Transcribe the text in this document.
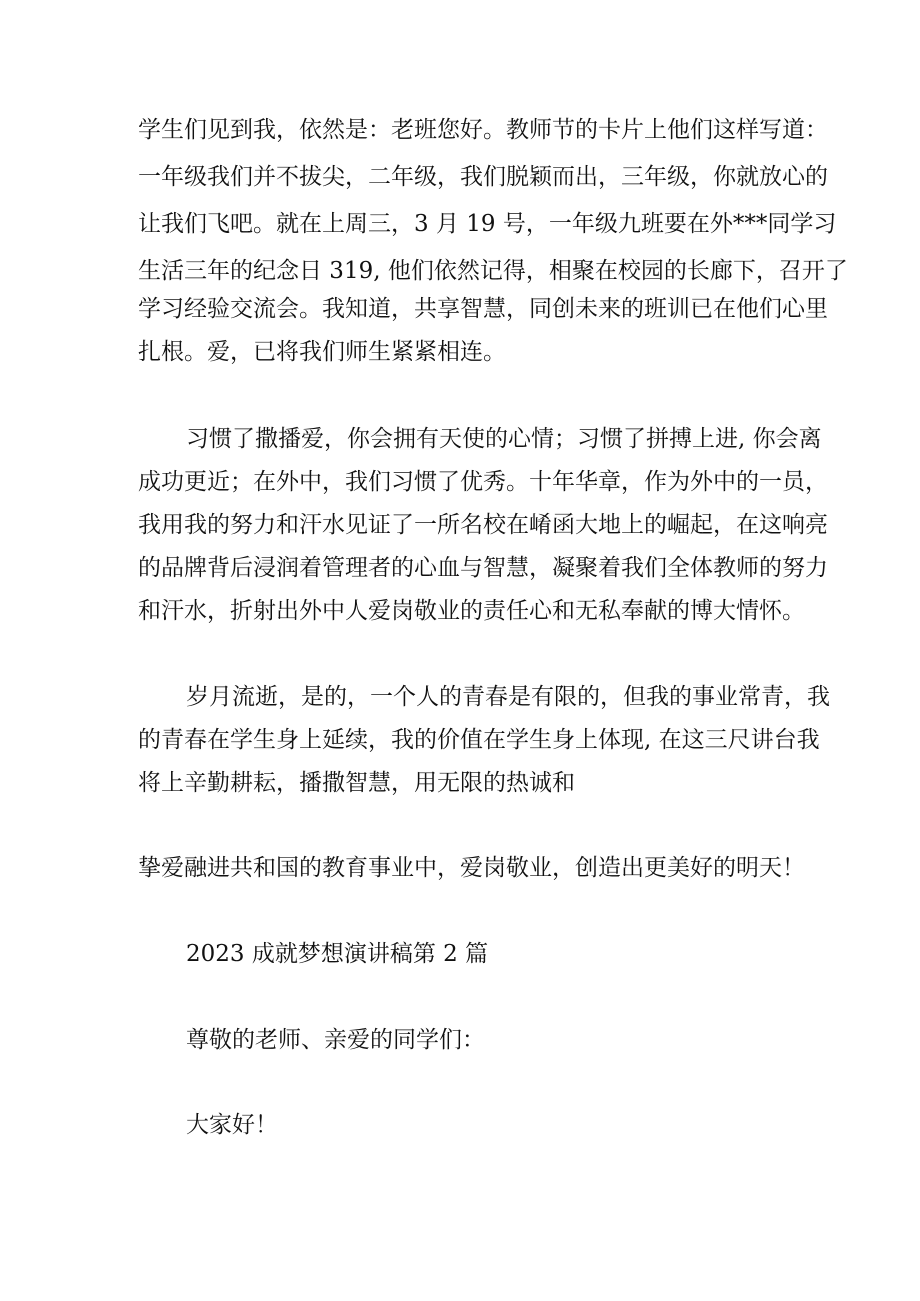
学生们见到我，依然是：老班您好。教师节的卡片上他们这样写道：
一年级我们并不拔尖，二年级，我们脱颖而出，三年级，你就放心的
让我们飞吧。就在上周三，3 月 19 号，一年级九班要在外***同学习
生活三年的纪念日 319, 他们依然记得，相聚在校园的长廊下，召开了
学习经验交流会。我知道，共享智慧，同创未来的班训已在他们心里
扎根。爱，已将我们师生紧紧相连。
习惯了撒播爱，你会拥有天使的心情；习惯了拼搏上进, 你会离
成功更近；在外中，我们习惯了优秀。十年华章，作为外中的一员，
我用我的努力和汗水见证了一所名校在崤函大地上的崛起，在这响亮
的品牌背后浸润着管理者的心血与智慧，凝聚着我们全体教师的努力
和汗水，折射出外中人爱岗敬业的责任心和无私奉献的博大情怀。
岁月流逝，是的，一个人的青春是有限的，但我的事业常青，我
的青春在学生身上延续，我的价值在学生身上体现, 在这三尺讲台我
将上辛勤耕耘，播撒智慧，用无限的热诚和
挚爱融进共和国的教育事业中，爱岗敬业，创造出更美好的明天！
2023 成就梦想演讲稿第 2 篇
尊敬的老师、亲爱的同学们：
大家好！
